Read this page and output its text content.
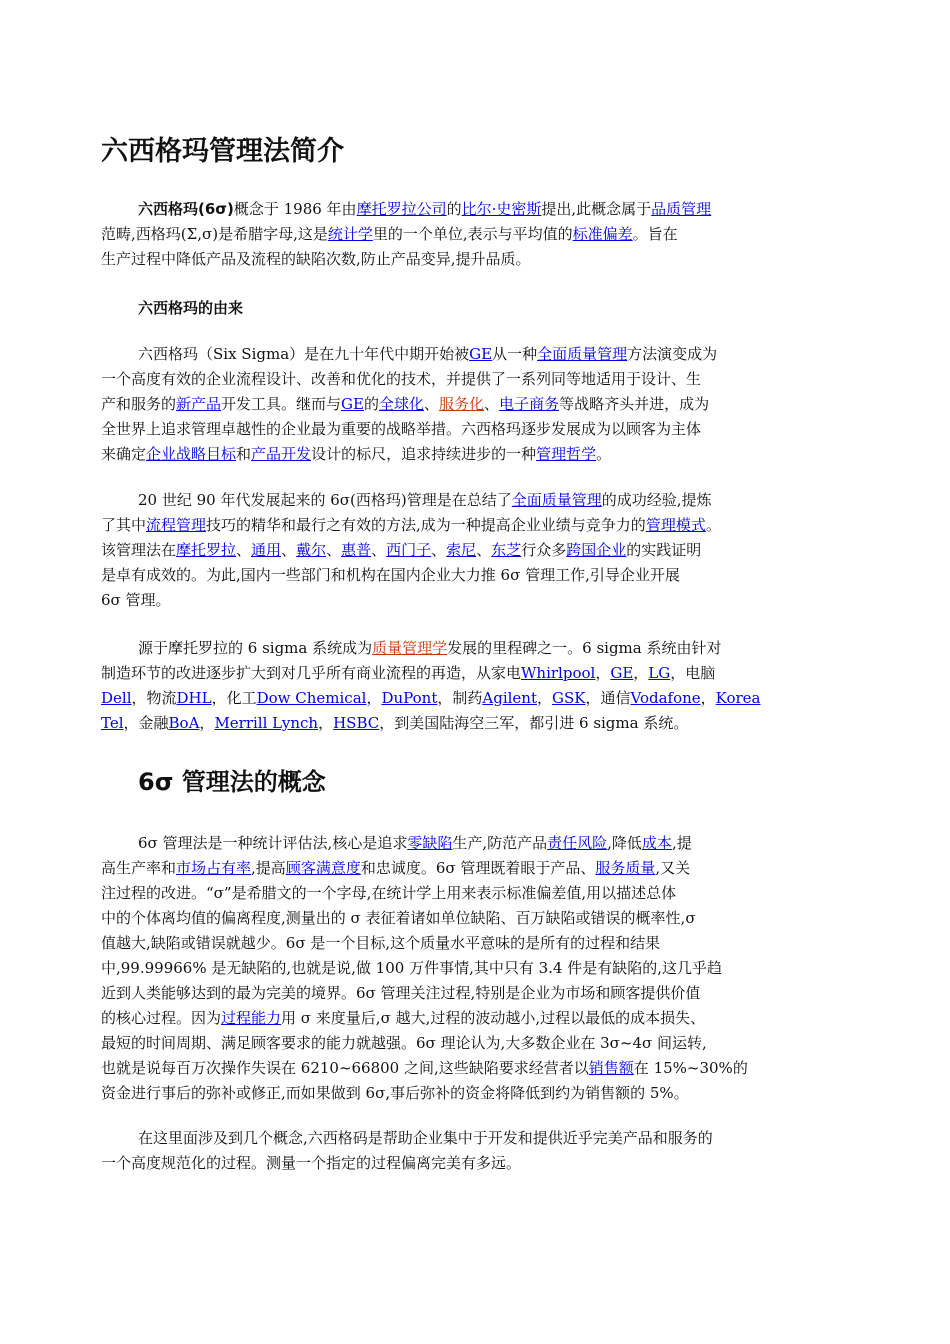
六西格玛管理法简介
六西格玛(6σ)概念于 1986 年由摩托罗拉公司的比尔·史密斯提出,此概念属于品质管理
范畴,西格玛(Σ,σ)是希腊字母,这是统计学里的一个单位,表示与平均值的标准偏差。旨在
生产过程中降低产品及流程的缺陷次数,防止产品变异,提升品质。
六西格玛的由来
六西格玛（Six Sigma）是在九十年代中期开始被GE从一种全面质量管理方法演变成为
一个高度有效的企业流程设计、改善和优化的技术，并提供了一系列同等地适用于设计、生
产和服务的新产品开发工具。继而与GE的全球化、服务化、电子商务等战略齐头并进，成为
全世界上追求管理卓越性的企业最为重要的战略举措。六西格玛逐步发展成为以顾客为主体
来确定企业战略目标和产品开发设计的标尺，追求持续进步的一种管理哲学。
20 世纪 90 年代发展起来的 6σ(西格玛)管理是在总结了全面质量管理的成功经验,提炼
了其中流程管理技巧的精华和最行之有效的方法,成为一种提高企业业绩与竞争力的管理模式。
该管理法在摩托罗拉、通用、戴尔、惠普、西门子、索尼、东芝行众多跨国企业的实践证明
是卓有成效的。为此,国内一些部门和机构在国内企业大力推 6σ 管理工作,引导企业开展
6σ 管理。
源于摩托罗拉的 6 sigma 系统成为质量管理学发展的里程碑之一。6 sigma 系统由针对
制造环节的改进逐步扩大到对几乎所有商业流程的再造，从家电Whirlpool，GE，LG，电脑
Dell，物流DHL，化工Dow Chemical，DuPont，制药Agilent，GSK，通信Vodafone，Korea
Tel，金融BoA，Merrill Lynch，HSBC，到美国陆海空三军，都引进 6 sigma 系统。
6σ 管理法的概念
6σ 管理法是一种统计评估法,核心是追求零缺陷生产,防范产品责任风险,降低成本,提
高生产率和市场占有率,提高顾客满意度和忠诚度。6σ 管理既着眼于产品、服务质量,又关
注过程的改进。“σ”是希腊文的一个字母,在统计学上用来表示标准偏差值,用以描述总体
中的个体离均值的偏离程度,测量出的 σ 表征着诸如单位缺陷、百万缺陷或错误的概率性,σ
值越大,缺陷或错误就越少。6σ 是一个目标,这个质量水平意味的是所有的过程和结果
中,99.99966% 是无缺陷的,也就是说,做 100 万件事情,其中只有 3.4 件是有缺陷的,这几乎趋
近到人类能够达到的最为完美的境界。6σ 管理关注过程,特别是企业为市场和顾客提供价值
的核心过程。因为过程能力用 σ 来度量后,σ 越大,过程的波动越小,过程以最低的成本损失、
最短的时间周期、满足顾客要求的能力就越强。6σ 理论认为,大多数企业在 3σ~4σ 间运转,
也就是说每百万次操作失误在 6210~66800 之间,这些缺陷要求经营者以销售额在 15%~30%的
资金进行事后的弥补或修正,而如果做到 6σ,事后弥补的资金将降低到约为销售额的 5%。
在这里面涉及到几个概念,六西格码是帮助企业集中于开发和提供近乎完美产品和服务的
一个高度规范化的过程。测量一个指定的过程偏离完美有多远。
